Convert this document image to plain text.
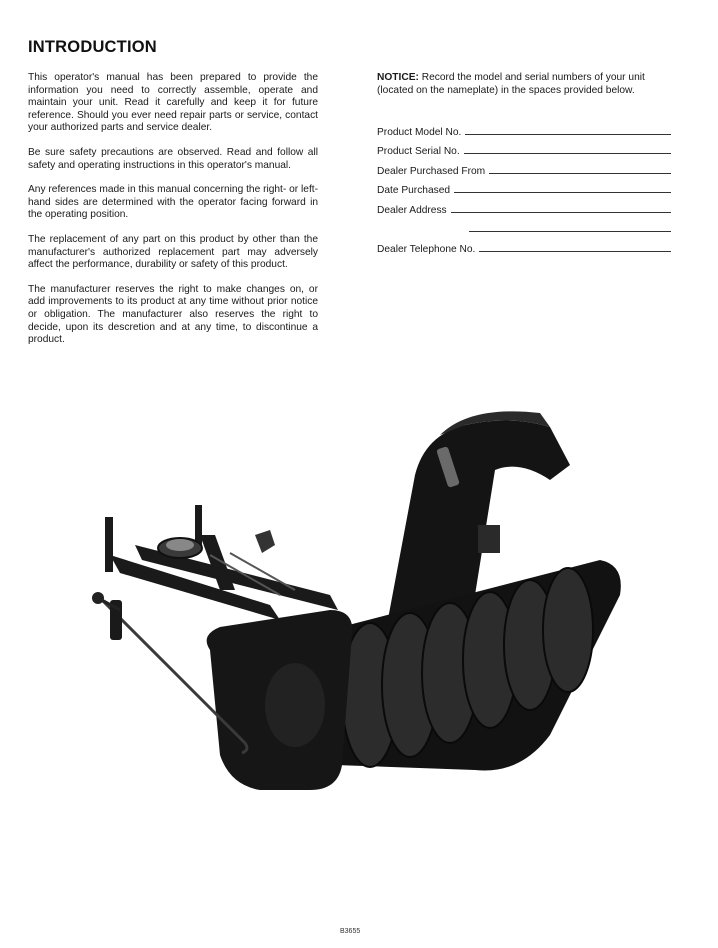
INTRODUCTION

This operator's manual has been prepared to provide the information you need to correctly assemble, operate and maintain your unit. Read it carefully and keep it for future reference. Should you ever need repair parts or service, contact your authorized parts and service dealer.

Be sure safety precautions are observed. Read and follow all safety and operating instructions in this operator's manual.

Any references made in this manual concerning the right- or left-hand sides are determined with the operator facing forward in the operating position.

The replacement of any part on this product by other than the manufacturer's authorized replacement part may adversely affect the performance, durability or safety of this product.

The manufacturer reserves the right to make changes on, or add improvements to its product at any time without prior notice or obligation. The manufacturer also reserves the right to decide, upon its descretion and at any time, to discontinue a product.

NOTICE: Record the model and serial numbers of your unit (located on the nameplate) in the spaces provided below.

Product Model No.
Product Serial No.
Dealer Purchased From
Date Purchased
Dealer Address
Dealer Telephone No.
B3655
